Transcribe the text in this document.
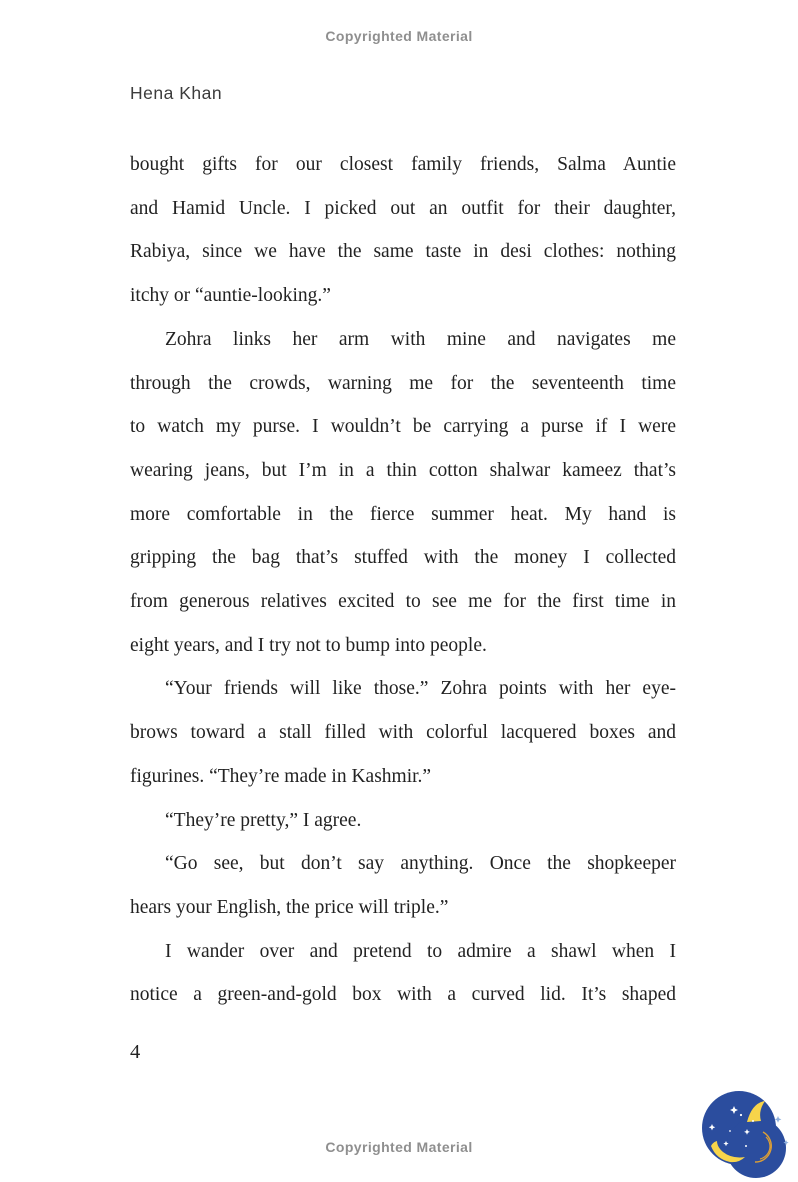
Copyrighted Material
Hena Khan
bought gifts for our closest family friends, Salma Auntie
and Hamid Uncle. I picked out an outfit for their daughter,
Rabiya, since we have the same taste in desi clothes: nothing
itchy or “auntie-looking.”
Zohra links her arm with mine and navigates me
through the crowds, warning me for the seventeenth time
to watch my purse. I wouldn’t be carrying a purse if I were
wearing jeans, but I’m in a thin cotton shalwar kameez that’s
more comfortable in the fierce summer heat. My hand is
gripping the bag that’s stuffed with the money I collected
from generous relatives excited to see me for the first time in
eight years, and I try not to bump into people.
“Your friends will like those.” Zohra points with her eye-
brows toward a stall filled with colorful lacquered boxes and
figurines. “They’re made in Kashmir.”
“They’re pretty,” I agree.
“Go see, but don’t say anything. Once the shopkeeper
hears your English, the price will triple.”
I wander over and pretend to admire a shawl when I
notice a green-and-gold box with a curved lid. It’s shaped
4
Copyrighted Material
